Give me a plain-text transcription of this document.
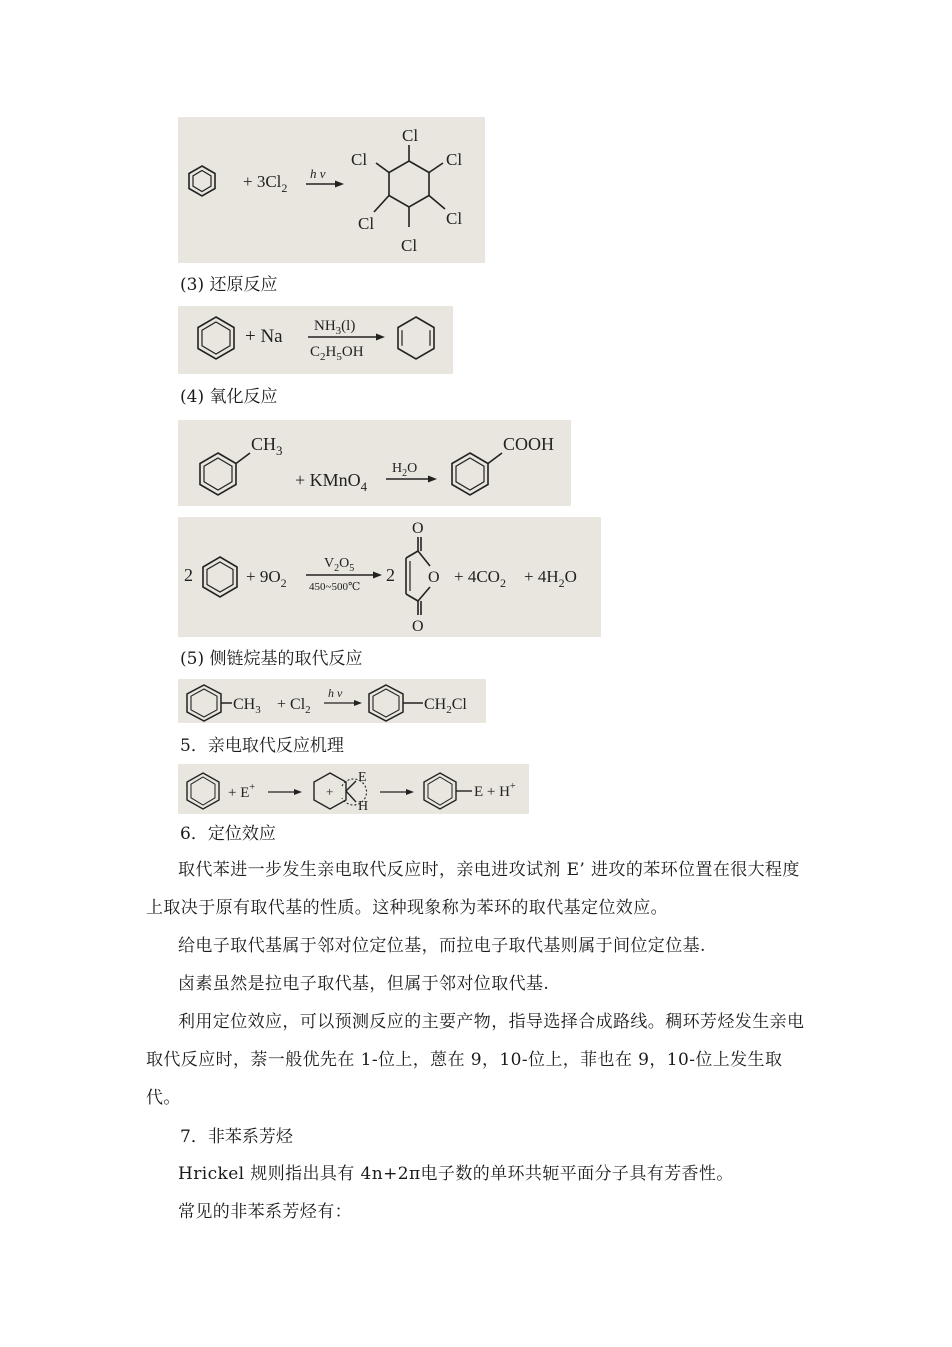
+ $3Cl_2$
h v
Cl
Cl	Cl
Cl
Cl
Cl
(3) 还原反应
+ Na $NH_3(l)$
$C_2H_5OH$
(4) 氧化反应
$CH_3$
+ KMnO$_4$
$H_2O$
COOH
2	+ $9O_2$
$V_2O_5$
450~500℃
2
O
O
O
+ $4CO_2 + 4H_2O$
(5) 侧链烷基的取代反应
$CH_3 + Cl_2$
h v
$CH_2Cl$
5．亲电取代反应机理
+ E+	+
E
H
E + H+
6．定位效应
取代苯进一步发生亲电取代反应时，亲电进攻试剂 E’ 进攻的苯环位置在很大程度上取决于原有取代基的性质。这种现象称为苯环的取代基定位效应。
给电子取代基属于邻对位定位基，而拉电子取代基则属于间位定位基.
卤素虽然是拉电子取代基，但属于邻对位取代基.
利用定位效应，可以预测反应的主要产物，指导选择合成路线。稠环芳烃发生亲电取代反应时，萘一般优先在 1-位上，蒽在 9，10-位上，菲也在 9，10-位上发生取代。
7．非苯系芳烃
Hrickel 规则指出具有 4n+2π电子数的单环共轭平面分子具有芳香性。
常见的非苯系芳烃有：
